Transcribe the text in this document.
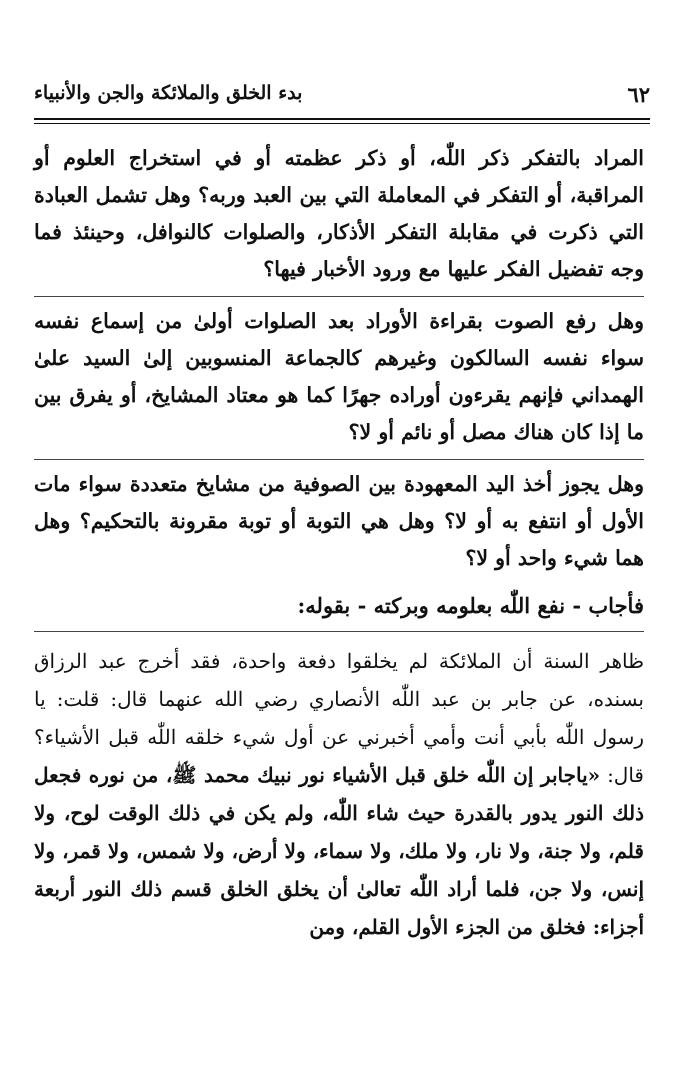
٦٢
بدء الخلق والملائكة والجن والأنبياء

المراد بالتفكر ذكر اللّٰه، أو ذكر عظمته أو في استخراج العلوم أو المراقبة، أو التفكر في المعاملة التي بين العبد وربه؟ وهل تشمل العبادة التي ذكرت في مقابلة التفكر الأذكار، والصلوات كالنوافل، وحينئذ فما وجه تفضيل الفكر عليها مع ورود الأخبار فيها؟

وهل رفع الصوت بقراءة الأوراد بعد الصلوات أولىٰ من إسماع نفسه سواء نفسه السالكون وغيرهم كالجماعة المنسوبين إلىٰ السيد علىٰ الهمداني فإنهم يقرءون أوراده جهرًا كما هو معتاد المشايخ، أو يفرق بين ما إذا كان هناك مصل أو نائم أو لا؟

وهل يجوز أخذ اليد المعهودة بين الصوفية من مشايخ متعددة سواء مات الأول أو انتفع به أو لا؟ وهل هي التوبة أو توبة مقرونة بالتحكيم؟ وهل هما شيء واحد أو لا؟

فأجاب - نفع اللّٰه بعلومه وبركته - بقوله:

ظاهر السنة أن الملائكة لم يخلقوا دفعة واحدة، فقد أخرج عبد الرزاق بسنده، عن جابر بن عبد اللّٰه الأنصاري رضي الله عنهما قال: قلت: يا رسول اللّٰه بأبي أنت وأمي أخبرني عن أول شيء خلقه اللّٰه قبل الأشياء؟ قال: «ياجابر إن اللّٰه خلق قبل الأشياء نور نبيك محمد ﷺ، من نوره فجعل ذلك النور يدور بالقدرة حيث شاء اللّٰه، ولم يكن في ذلك الوقت لوح، ولا قلم، ولا جنة، ولا نار، ولا ملك، ولا سماء، ولا أرض، ولا شمس، ولا قمر، ولا إنس، ولا جن، فلما أراد اللّٰه تعالىٰ أن يخلق الخلق قسم ذلك النور أربعة أجزاء: فخلق من الجزء الأول القلم، ومن
